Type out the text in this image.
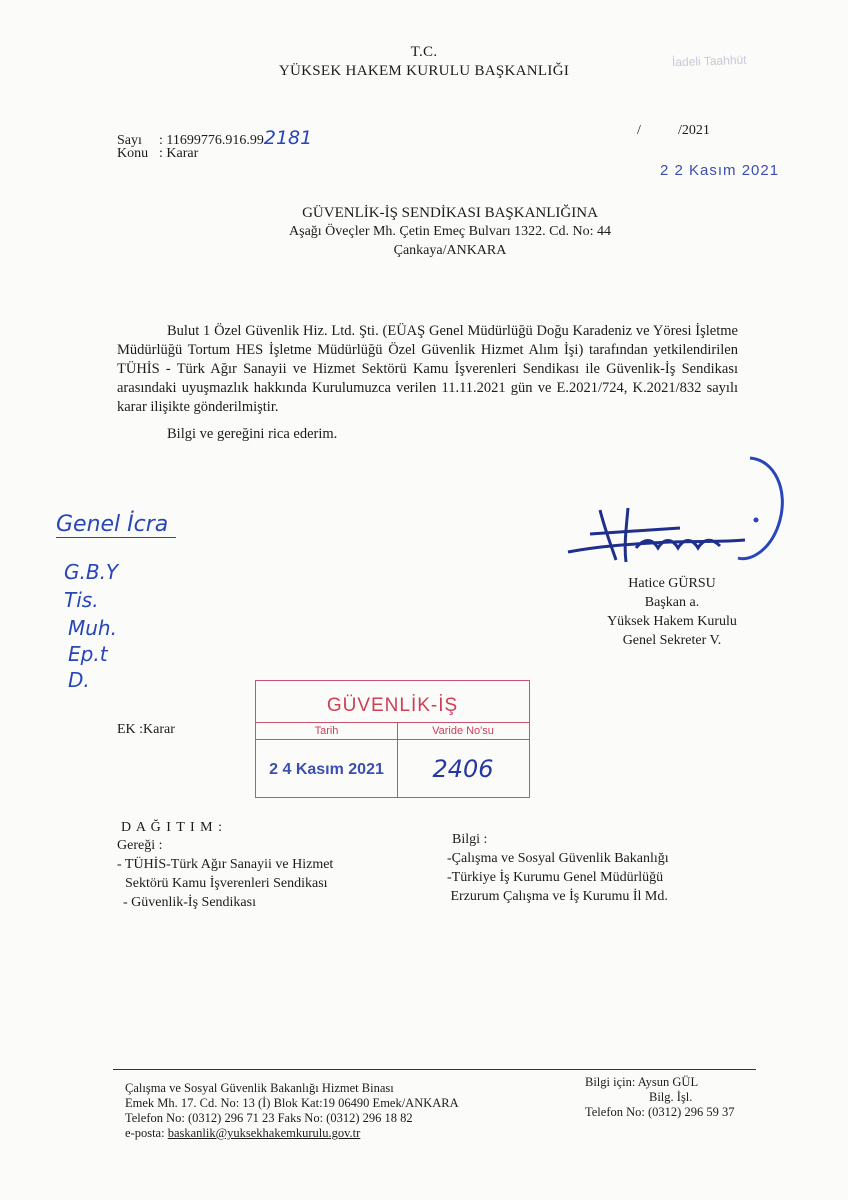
T.C.
YÜKSEK HAKEM KURULU BAŞKANLIĞI
İadeli Taahhüt
Sayı : 11699776.916.992181
Konu : Karar
/	/2021
2 2 Kasım 2021
GÜVENLİK-İŞ SENDİKASI BAŞKANLIĞINA
Aşağı Öveçler Mh. Çetin Emeç Bulvarı 1322. Cd. No: 44
Çankaya/ANKARA
Bulut 1 Özel Güvenlik Hiz. Ltd. Şti. (EÜAŞ Genel Müdürlüğü Doğu Karadeniz ve Yöresi İşletme Müdürlüğü Tortum HES İşletme Müdürlüğü Özel Güvenlik Hizmet Alım İşi) tarafından yetkilendirilen TÜHİS - Türk Ağır Sanayii ve Hizmet Sektörü Kamu İşverenleri Sendikası ile Güvenlik-İş Sendikası arasındaki uyuşmazlık hakkında Kurulumuzca verilen 11.11.2021 gün ve E.2021/724, K.2021/832 sayılı karar ilişikte gönderilmiştir.
Bilgi ve gereğini rica ederim.
Genel İcra
G.B.Y
Tis.
Muh.
Ep.t
D.
Hatice GÜRSU
Başkan a.
Yüksek Hakem Kurulu
Genel Sekreter V.
GÜVENLİK-İŞ
Tarih	Varide No'su
2 4 Kasım 2021	2406
EK :Karar
D A Ğ I T I M :
Gereği :
- TÜHİS-Türk Ağır Sanayii ve Hizmet
Sektörü Kamu İşverenleri Sendikası
- Güvenlik-İş Sendikası
Bilgi :
-Çalışma ve Sosyal Güvenlik Bakanlığı
-Türkiye İş Kurumu Genel Müdürlüğü
Erzurum Çalışma ve İş Kurumu İl Md.
Çalışma ve Sosyal Güvenlik Bakanlığı Hizmet Binası
Emek Mh. 17. Cd. No: 13 (İ) Blok Kat:19 06490 Emek/ANKARA
Telefon No: (0312) 296 71 23 Faks No: (0312) 296 18 82
e-posta: baskanlik@yuksekhakemkurulu.gov.tr
Bilgi için: Aysun GÜL
Bilg. İşl.
Telefon No: (0312) 296 59 37
